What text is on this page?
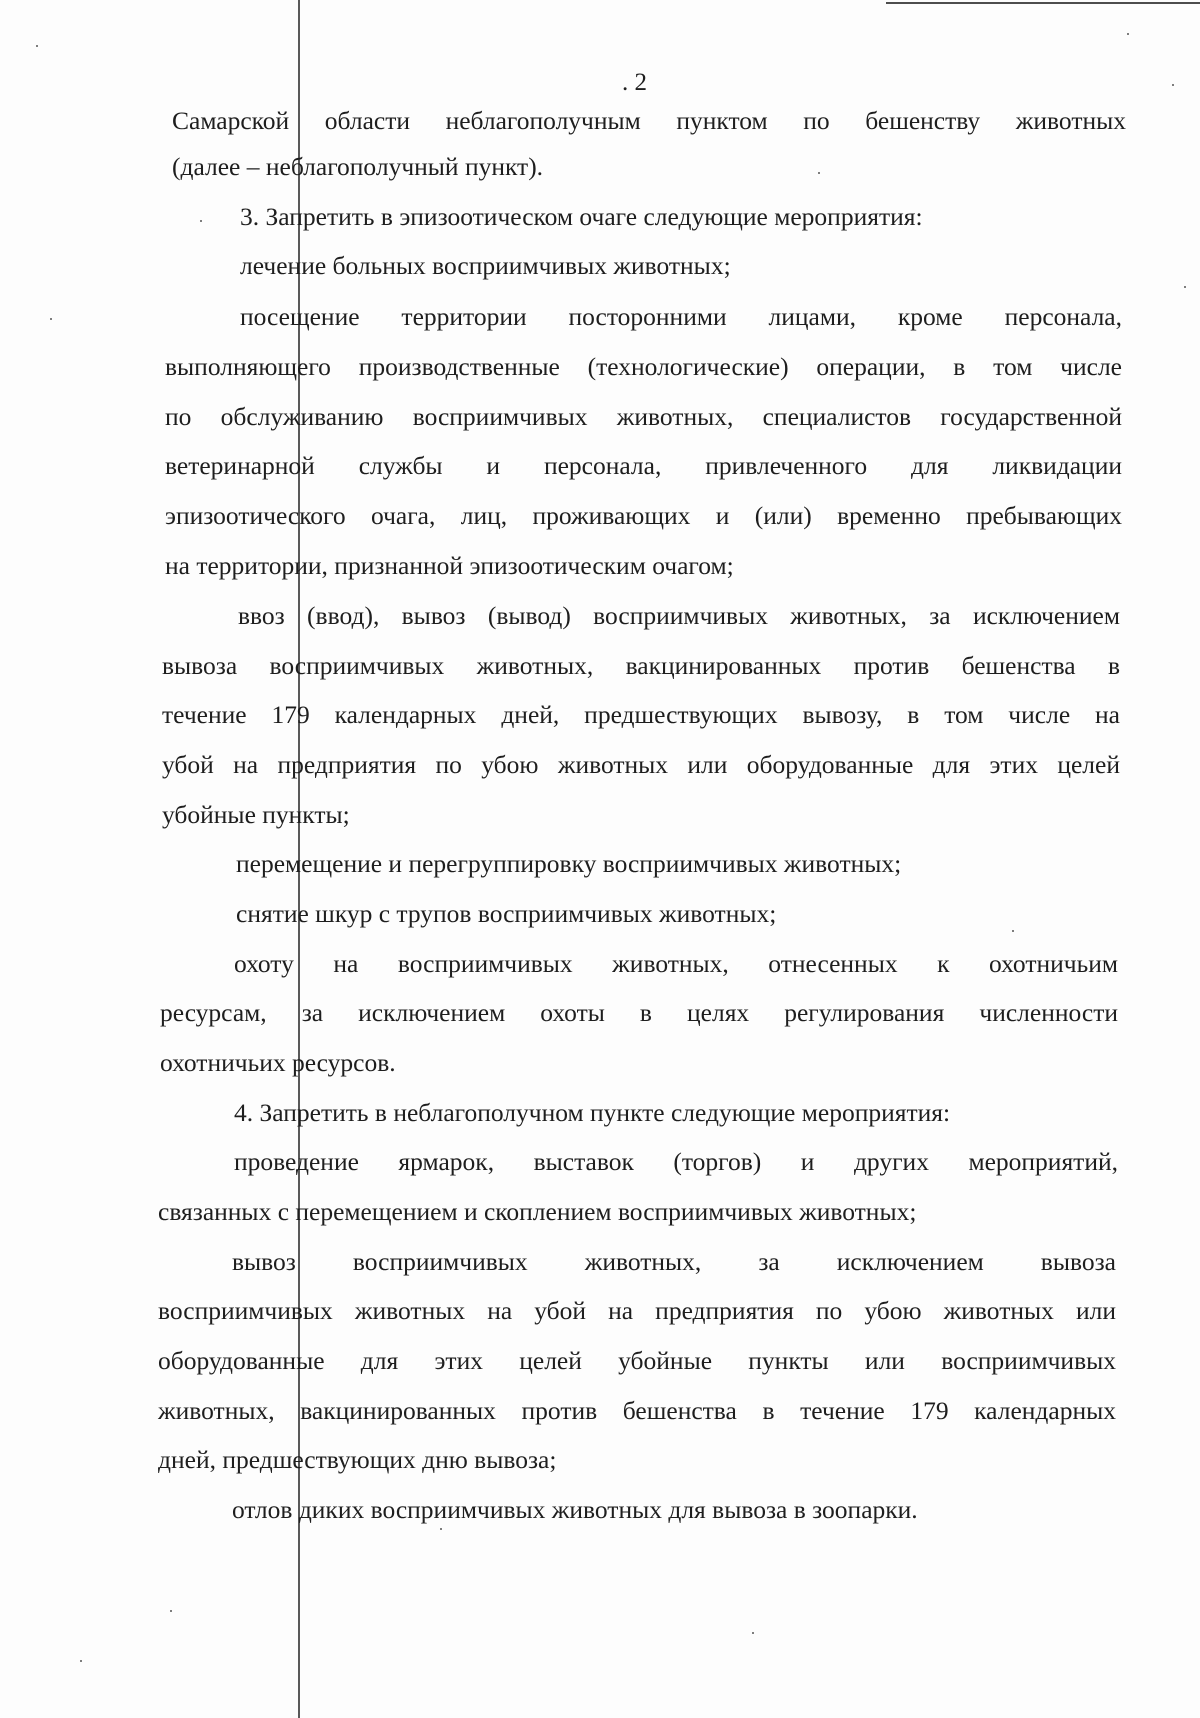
. 2
Самарской области неблагополучным пунктом по бешенству животных
(далее – неблагополучный пункт).
3. Запретить в эпизоотическом очаге следующие мероприятия:
лечение больных восприимчивых животных;
посещение территории посторонними лицами, кроме персонала,
выполняющего производственные (технологические) операции, в том числе
по обслуживанию восприимчивых животных, специалистов государственной
ветеринарной службы и персонала, привлеченного для ликвидации
эпизоотического очага, лиц, проживающих и (или) временно пребывающих
на территории, признанной эпизоотическим очагом;
ввоз (ввод), вывоз (вывод) восприимчивых животных, за исключением
вывоза восприимчивых животных, вакцинированных против бешенства в
течение 179 календарных дней, предшествующих вывозу, в том числе на
убой на предприятия по убою животных или оборудованные для этих целей
убойные пункты;
перемещение и перегруппировку восприимчивых животных;
снятие шкур с трупов восприимчивых животных;
охоту на восприимчивых животных, отнесенных к охотничьим
ресурсам, за исключением охоты в целях регулирования численности
охотничьих ресурсов.
4. Запретить в неблагополучном пункте следующие мероприятия:
проведение ярмарок, выставок (торгов) и других мероприятий,
связанных с перемещением и скоплением восприимчивых животных;
вывоз восприимчивых животных, за исключением вывоза
восприимчивых животных на убой на предприятия по убою животных или
оборудованные для этих целей убойные пункты или восприимчивых
животных, вакцинированных против бешенства в течение 179 календарных
дней, предшествующих дню вывоза;
отлов диких восприимчивых животных для вывоза в зоопарки.
